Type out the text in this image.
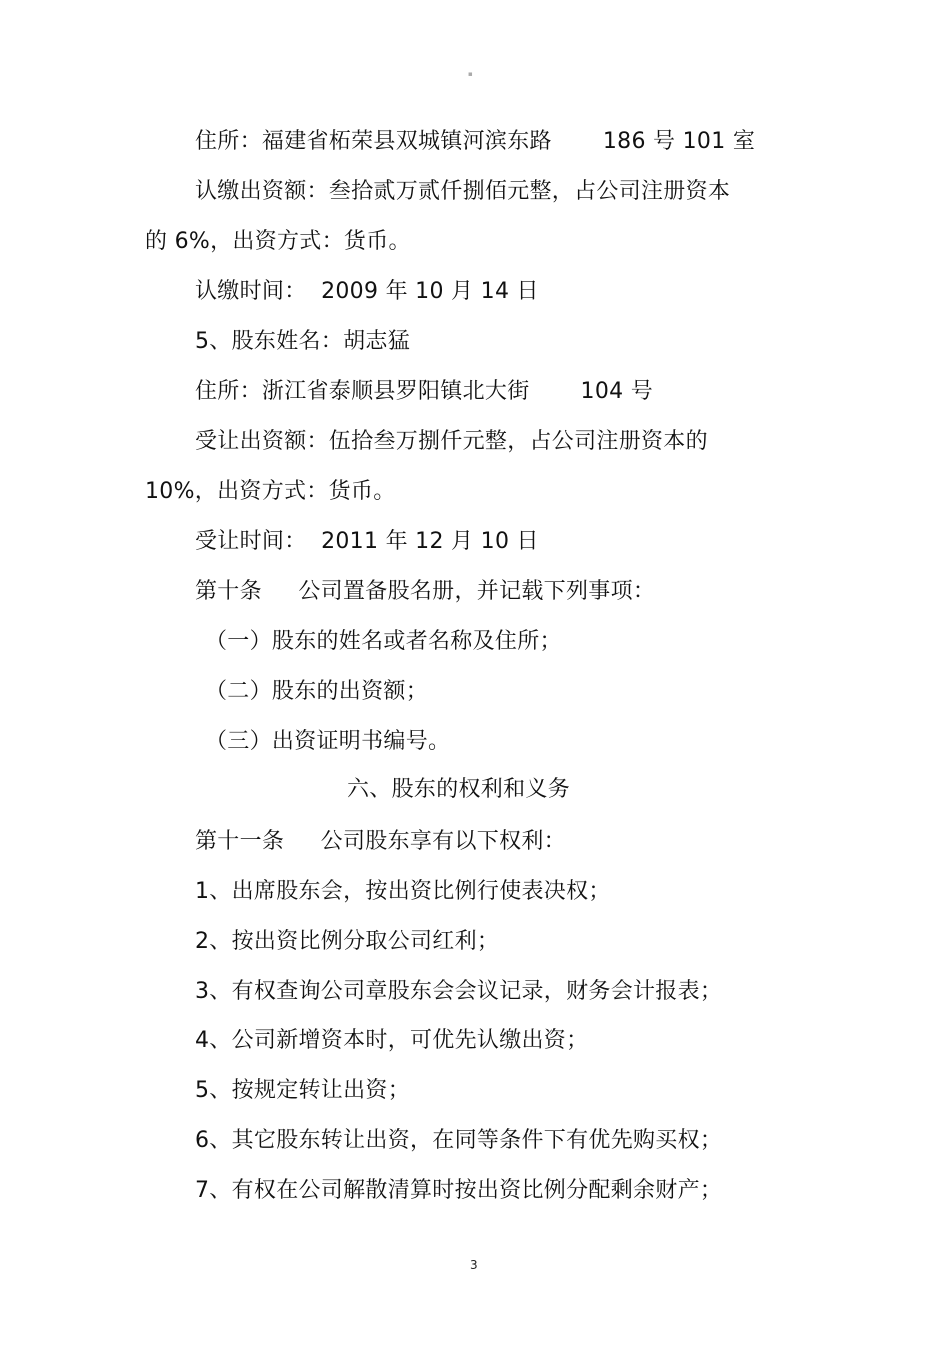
▪
住所：福建省柘荣县双城镇河滨东路       186 号 101 室
认缴出资额：叁拾贰万贰仟捌佰元整，占公司注册资本
的 6%，出资方式：货币。
认缴时间：  2009 年 10 月 14 日
5、股东姓名：胡志猛
住所：浙江省泰顺县罗阳镇北大街       104 号
受让出资额：伍拾叁万捌仟元整，占公司注册资本的
10%，出资方式：货币。
受让时间：  2011 年 12 月 10 日
第十条     公司置备股名册，并记载下列事项：
（一）股东的姓名或者名称及住所；
（二）股东的出资额；
（三）出资证明书编号。
六、股东的权利和义务
第十一条     公司股东享有以下权利：
1、出席股东会，按出资比例行使表决权；
2、按出资比例分取公司红利；
3、有权查询公司章股东会会议记录，财务会计报表；
4、公司新增资本时，可优先认缴出资；
5、按规定转让出资；
6、其它股东转让出资，在同等条件下有优先购买权；
7、有权在公司解散清算时按出资比例分配剩余财产；
3
